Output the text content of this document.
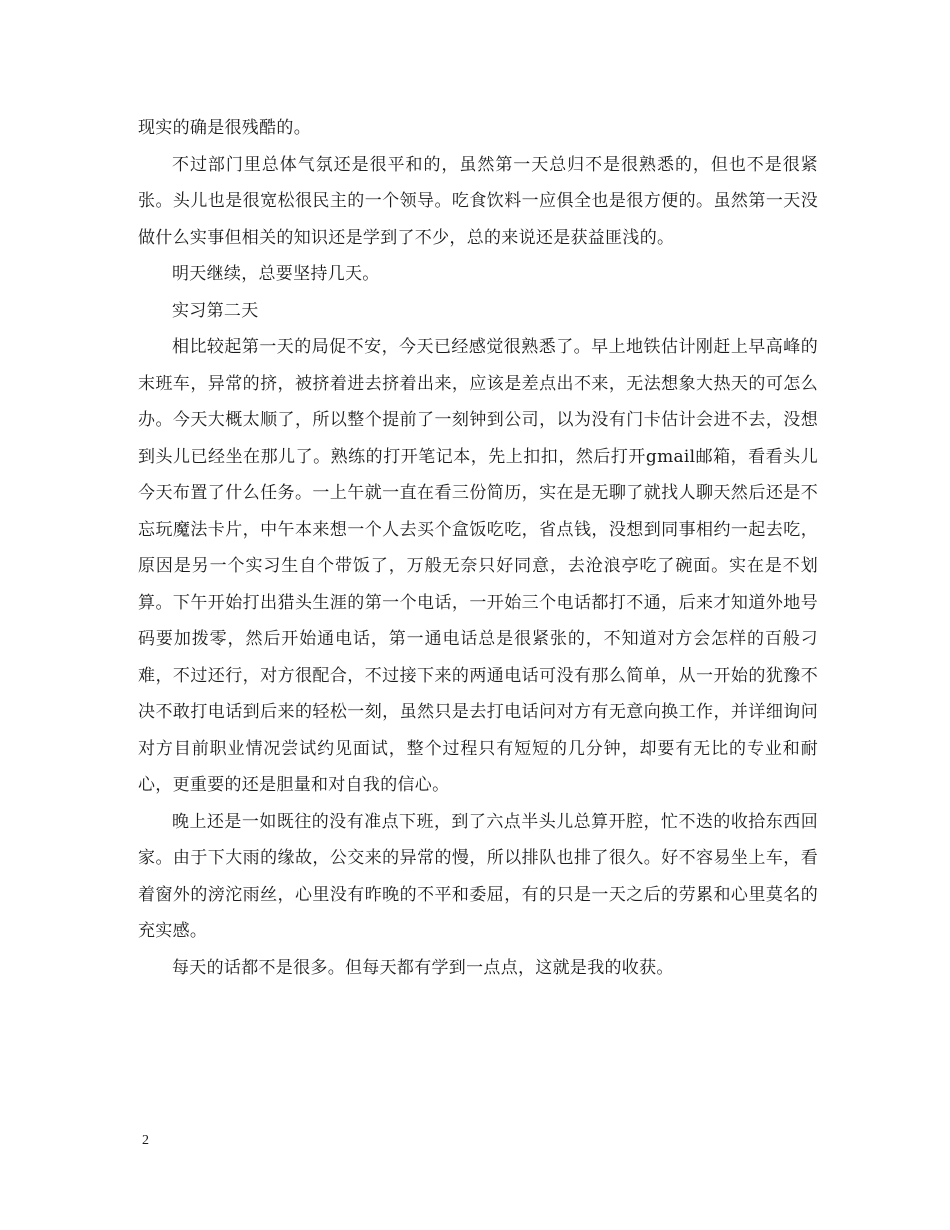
现实的确是很残酷的。

不过部门里总体气氛还是很平和的，虽然第一天总归不是很熟悉的，但也不是很紧张。头儿也是很宽松很民主的一个领导。吃食饮料一应俱全也是很方便的。虽然第一天没做什么实事但相关的知识还是学到了不少，总的来说还是获益匪浅的。

明天继续，总要坚持几天。

实习第二天

相比较起第一天的局促不安，今天已经感觉很熟悉了。早上地铁估计刚赶上早高峰的末班车，异常的挤，被挤着进去挤着出来，应该是差点出不来，无法想象大热天的可怎么办。今天大概太顺了，所以整个提前了一刻钟到公司，以为没有门卡估计会进不去，没想到头儿已经坐在那儿了。熟练的打开笔记本，先上扣扣，然后打开gmail邮箱，看看头儿今天布置了什么任务。一上午就一直在看三份简历，实在是无聊了就找人聊天然后还是不忘玩魔法卡片，中午本来想一个人去买个盒饭吃吃，省点钱，没想到同事相约一起去吃，原因是另一个实习生自个带饭了，万般无奈只好同意，去沧浪亭吃了碗面。实在是不划算。下午开始打出猎头生涯的第一个电话，一开始三个电话都打不通，后来才知道外地号码要加拨零，然后开始通电话，第一通电话总是很紧张的，不知道对方会怎样的百般刁难，不过还行，对方很配合，不过接下来的两通电话可没有那么简单，从一开始的犹豫不决不敢打电话到后来的轻松一刻，虽然只是去打电话问对方有无意向换工作，并详细询问对方目前职业情况尝试约见面试，整个过程只有短短的几分钟，却要有无比的专业和耐心，更重要的还是胆量和对自我的信心。

晚上还是一如既往的没有准点下班，到了六点半头儿总算开腔，忙不迭的收拾东西回家。由于下大雨的缘故，公交来的异常的慢，所以排队也排了很久。好不容易坐上车，看着窗外的滂沱雨丝，心里没有昨晚的不平和委屈，有的只是一天之后的劳累和心里莫名的充实感。

每天的话都不是很多。但每天都有学到一点点，这就是我的收获。

2
